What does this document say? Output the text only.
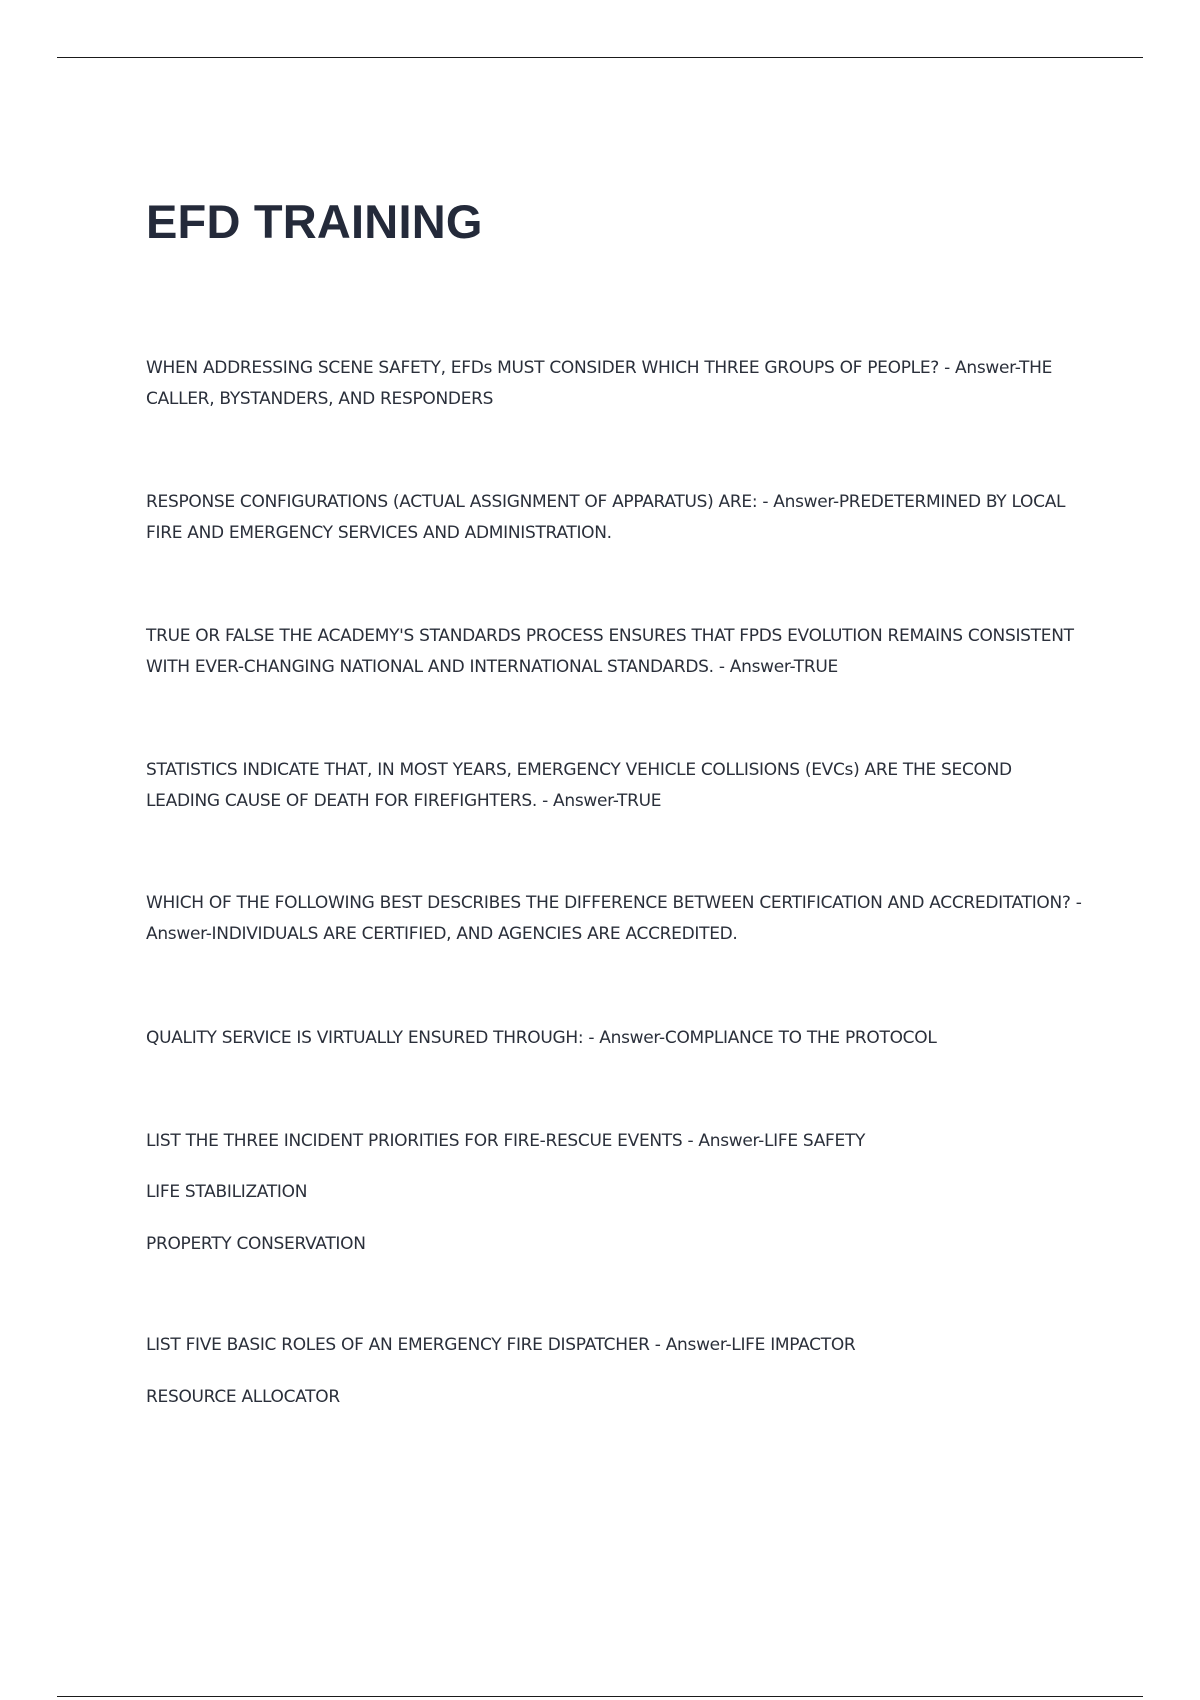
EFD TRAINING

WHEN ADDRESSING SCENE SAFETY, EFDs MUST CONSIDER WHICH THREE GROUPS OF PEOPLE? - Answer-THE CALLER, BYSTANDERS, AND RESPONDERS

RESPONSE CONFIGURATIONS (ACTUAL ASSIGNMENT OF APPARATUS) ARE: - Answer-PREDETERMINED BY LOCAL FIRE AND EMERGENCY SERVICES AND ADMINISTRATION.

TRUE OR FALSE THE ACADEMY'S STANDARDS PROCESS ENSURES THAT FPDS EVOLUTION REMAINS CONSISTENT WITH EVER-CHANGING NATIONAL AND INTERNATIONAL STANDARDS. - Answer-TRUE

STATISTICS INDICATE THAT, IN MOST YEARS, EMERGENCY VEHICLE COLLISIONS (EVCs) ARE THE SECOND LEADING CAUSE OF DEATH FOR FIREFIGHTERS. - Answer-TRUE

WHICH OF THE FOLLOWING BEST DESCRIBES THE DIFFERENCE BETWEEN CERTIFICATION AND ACCREDITATION? - Answer-INDIVIDUALS ARE CERTIFIED, AND AGENCIES ARE ACCREDITED.

QUALITY SERVICE IS VIRTUALLY ENSURED THROUGH: - Answer-COMPLIANCE TO THE PROTOCOL

LIST THE THREE INCIDENT PRIORITIES FOR FIRE-RESCUE EVENTS - Answer-LIFE SAFETY

LIFE STABILIZATION

PROPERTY CONSERVATION

LIST FIVE BASIC ROLES OF AN EMERGENCY FIRE DISPATCHER - Answer-LIFE IMPACTOR

RESOURCE ALLOCATOR
